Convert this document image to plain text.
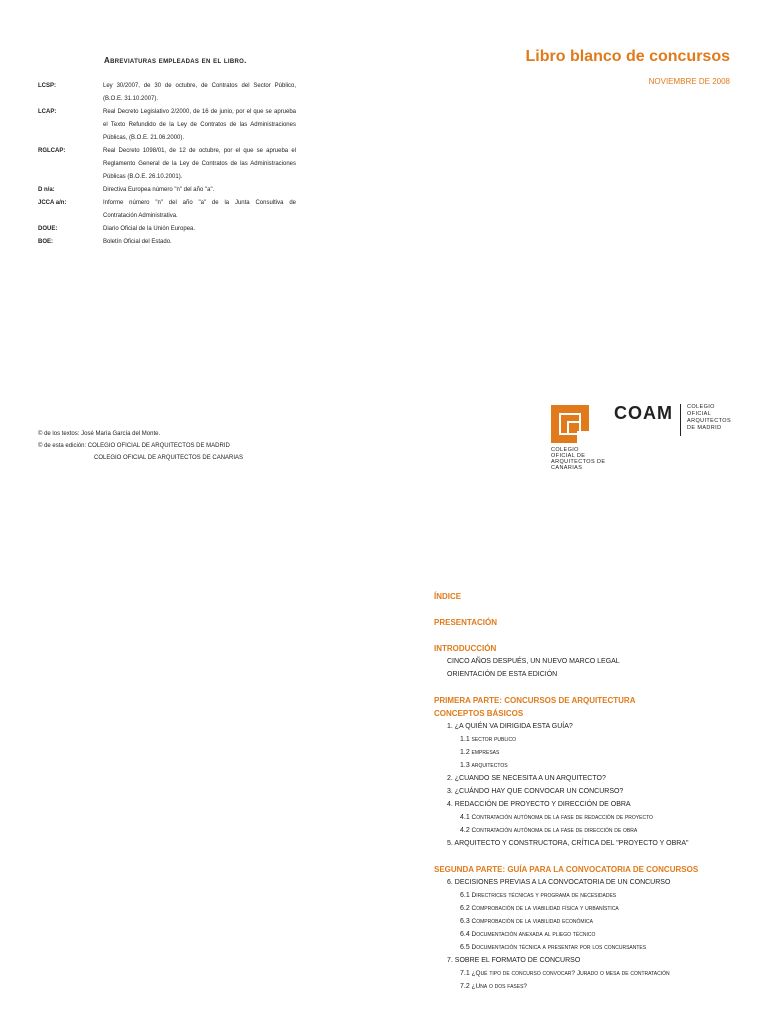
Libro blanco de concursos
NOVIEMBRE DE 2008
Abreviaturas empleadas en el libro.
LCSP:	Ley 30/2007, de 30 de octubre, de Contratos del Sector Público,
(B.O.E. 31.10.2007).
LCAP:	Real Decreto Legislativo 2/2000, de 16 de junio, por el que se aprueba
el Texto Refundido de la Ley de Contratos de las Administraciones
Públicas, (B.O.E. 21.06.2000).
RGLCAP:	Real Decreto 1098/01, de 12 de octubre, por el que se aprueba el
Reglamento General de la Ley de Contratos de las Administraciones
Públicas (B.O.E. 26.10.2001).
D n/a:	Directiva Europea número "n" del año "a".
JCCA a/n:	Informe número "n" del año "a" de la Junta Consultiva de
Contratación Administrativa.
DOUE:	Diario Oficial de la Unión Europea.
BOE:	Boletín Oficial del Estado.
© de los textos: José María García del Monte.
© de esta edición:
COLEGIO OFICIAL DE ARQUITECTOS DE MADRID
COLEGIO OFICIAL DE ARQUITECTOS DE CANARIAS
COLEGIO
OFICIAL DE
ARQUITECTOS DE
CANARIAS
COAM	COLEGIO
OFICIAL
ARQUITECTOS
DE MADRID
ÍNDICE
PRESENTACIÓN
INTRODUCCIÓN
CINCO AÑOS DESPUÉS, UN NUEVO MARCO LEGAL
ORIENTACIÓN DE ESTA EDICIÓN
PRIMERA PARTE: CONCURSOS DE ARQUITECTURA
CONCEPTOS BÁSICOS
1. ¿A QUIÉN VA DIRIGIDA ESTA GUÍA?
1.1 sector publico
1.2 empresas
1.3 arquitectos
2. ¿CUANDO SE NECESITA A UN ARQUITECTO?
3. ¿CUÁNDO HAY QUE CONVOCAR UN CONCURSO?
4. REDACCIÓN DE PROYECTO Y DIRECCIÓN DE OBRA
4.1 Contratación autónoma de la fase de redacción de proyecto
4.2 Contratación autónoma de la fase de dirección de obra
5. ARQUITECTO Y CONSTRUCTORA, CRÍTICA DEL "PROYECTO Y OBRA"
SEGUNDA PARTE: GUÍA PARA LA CONVOCATORIA DE CONCURSOS
6. DECISIONES PREVIAS A LA CONVOCATORIA DE UN CONCURSO
6.1 Directrices técnicas y programa de necesidades
6.2 Comprobación de la viabilidad física y urbanística
6.3 Comprobación de la viabilidad económica
6.4 Documentación anexada al pliego técnico
6.5 Documentación técnica a presentar por los concursantes
7. SOBRE EL FORMATO DE CONCURSO
7.1 ¿Qué tipo de concurso convocar? Jurado o mesa de contratación
7.2 ¿Una o dos fases?
